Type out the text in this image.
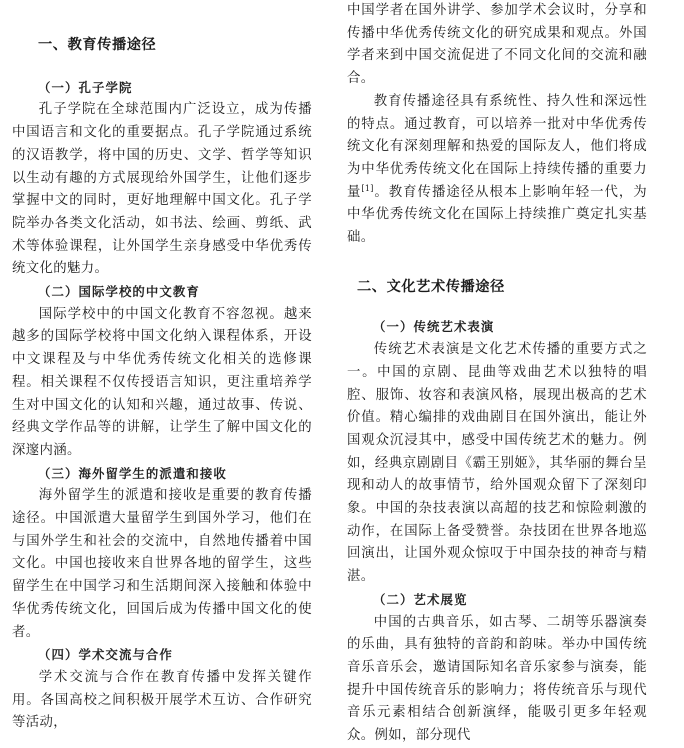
一、教育传播途径
（一）孔子学院

孔子学院在全球范围内广泛设立，成为传播中国语言和文化的重要据点。孔子学院通过系统的汉语教学，将中国的历史、文学、哲学等知识以生动有趣的方式展现给外国学生，让他们逐步掌握中文的同时，更好地理解中国文化。孔子学院举办各类文化活动，如书法、绘画、剪纸、武术等体验课程，让外国学生亲身感受中华优秀传统文化的魅力。

（二）国际学校的中文教育

国际学校中的中国文化教育不容忽视。越来越多的国际学校将中国文化纳入课程体系，开设中文课程及与中华优秀传统文化相关的选修课程。相关课程不仅传授语言知识，更注重培养学生对中国文化的认知和兴趣，通过故事、传说、经典文学作品等的讲解，让学生了解中国文化的深邃内涵。

（三）海外留学生的派遣和接收

海外留学生的派遣和接收是重要的教育传播途径。中国派遣大量留学生到国外学习，他们在与国外学生和社会的交流中，自然地传播着中国文化。中国也接收来自世界各地的留学生，这些留学生在中国学习和生活期间深入接触和体验中华优秀传统文化，回国后成为传播中国文化的使者。

（四）学术交流与合作

学术交流与合作在教育传播中发挥关键作用。各国高校之间积极开展学术互访、合作研究等活动，

中国学者在国外讲学、参加学术会议时，分享和传播中华优秀传统文化的研究成果和观点。外国学者来到中国交流促进了不同文化间的交流和融合。

教育传播途径具有系统性、持久性和深远性的特点。通过教育，可以培养一批对中华优秀传统文化有深刻理解和热爱的国际友人，他们将成为中华优秀传统文化在国际上持续传播的重要力量[1]。教育传播途径从根本上影响年轻一代，为中华优秀传统文化在国际上持续推广奠定扎实基础。

二、文化艺术传播途径
（一）传统艺术表演

传统艺术表演是文化艺术传播的重要方式之一。中国的京剧、昆曲等戏曲艺术以独特的唱腔、服饰、妆容和表演风格，展现出极高的艺术价值。精心编排的戏曲剧目在国外演出，能让外国观众沉浸其中，感受中国传统艺术的魅力。例如，经典京剧剧目《霸王别姬》，其华丽的舞台呈现和动人的故事情节，给外国观众留下了深刻印象。中国的杂技表演以高超的技艺和惊险刺激的动作，在国际上备受赞誉。杂技团在世界各地巡回演出，让国外观众惊叹于中国杂技的神奇与精湛。

（二）艺术展览

中国的古典音乐，如古琴、二胡等乐器演奏的乐曲，具有独特的音韵和韵味。举办中国传统音乐音乐会，邀请国际知名音乐家参与演奏，能提升中国传统音乐的影响力；将传统音乐与现代音乐元素相结合创新演绎，能吸引更多年轻观众。例如，部分现代
